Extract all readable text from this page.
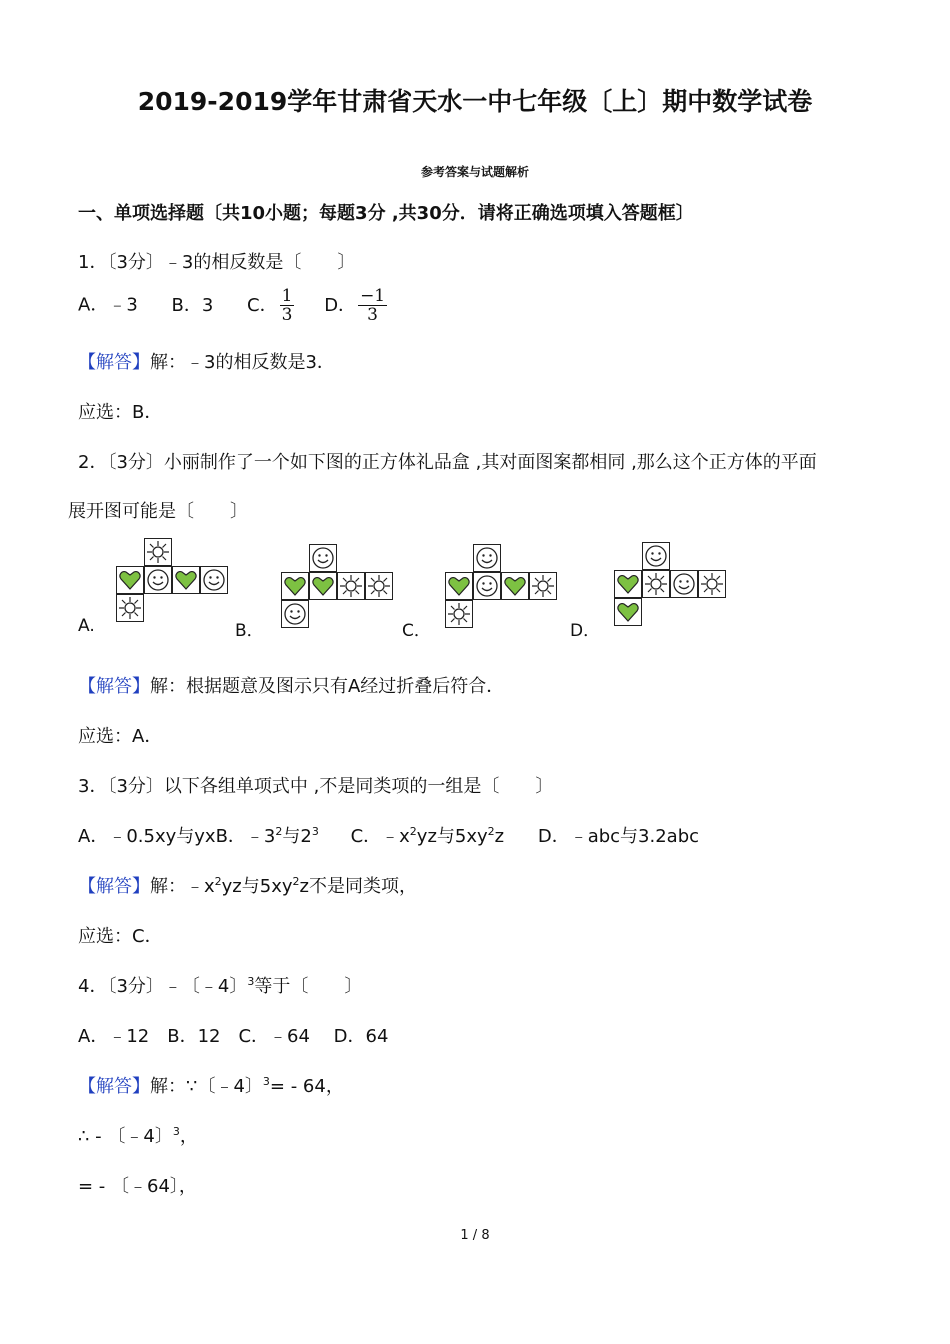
2019-2019学年甘肃省天水一中七年级〔上〕期中数学试卷
参考答案与试题解析
一、单项选择题〔共10小题；每题3分 ,共30分．请将正确选项填入答题框〕
1．〔3分〕﹣3的相反数是〔　　〕
A．﹣3 B．3 C． $\frac{1}{3}$ D． $\frac{-1}{3}$
【解答】解：﹣3的相反数是3．
应选：B．
2．〔3分〕小丽制作了一个如下图的正方体礼品盒 ,其对面图案都相同 ,那么这个正方体的平面
展开图可能是〔　　〕
A.	B．	C．	D．
【解答】解：根据题意及图示只有A经过折叠后符合．
应选：A．
3．〔3分〕以下各组单项式中 ,不是同类项的一组是〔　　〕
A．﹣0.5xy与yxB．$﹣3^2$与$2^3$ C．$﹣x^2yz$与$5xy^2z$ D．﹣abc与3.2abc
【解答】解：$﹣x^2yz$与$5xy^2z$不是同类项，
应选：C．
4．〔3分〕﹣〔﹣4〕$^3$等于〔　　〕
A．﹣12　B．12　C．﹣64　 D．64
【解答】解：∵〔﹣4〕$^3$= - 64，
∴ - 〔﹣4〕$^3$，
= - 〔﹣64〕，
1 / 8
